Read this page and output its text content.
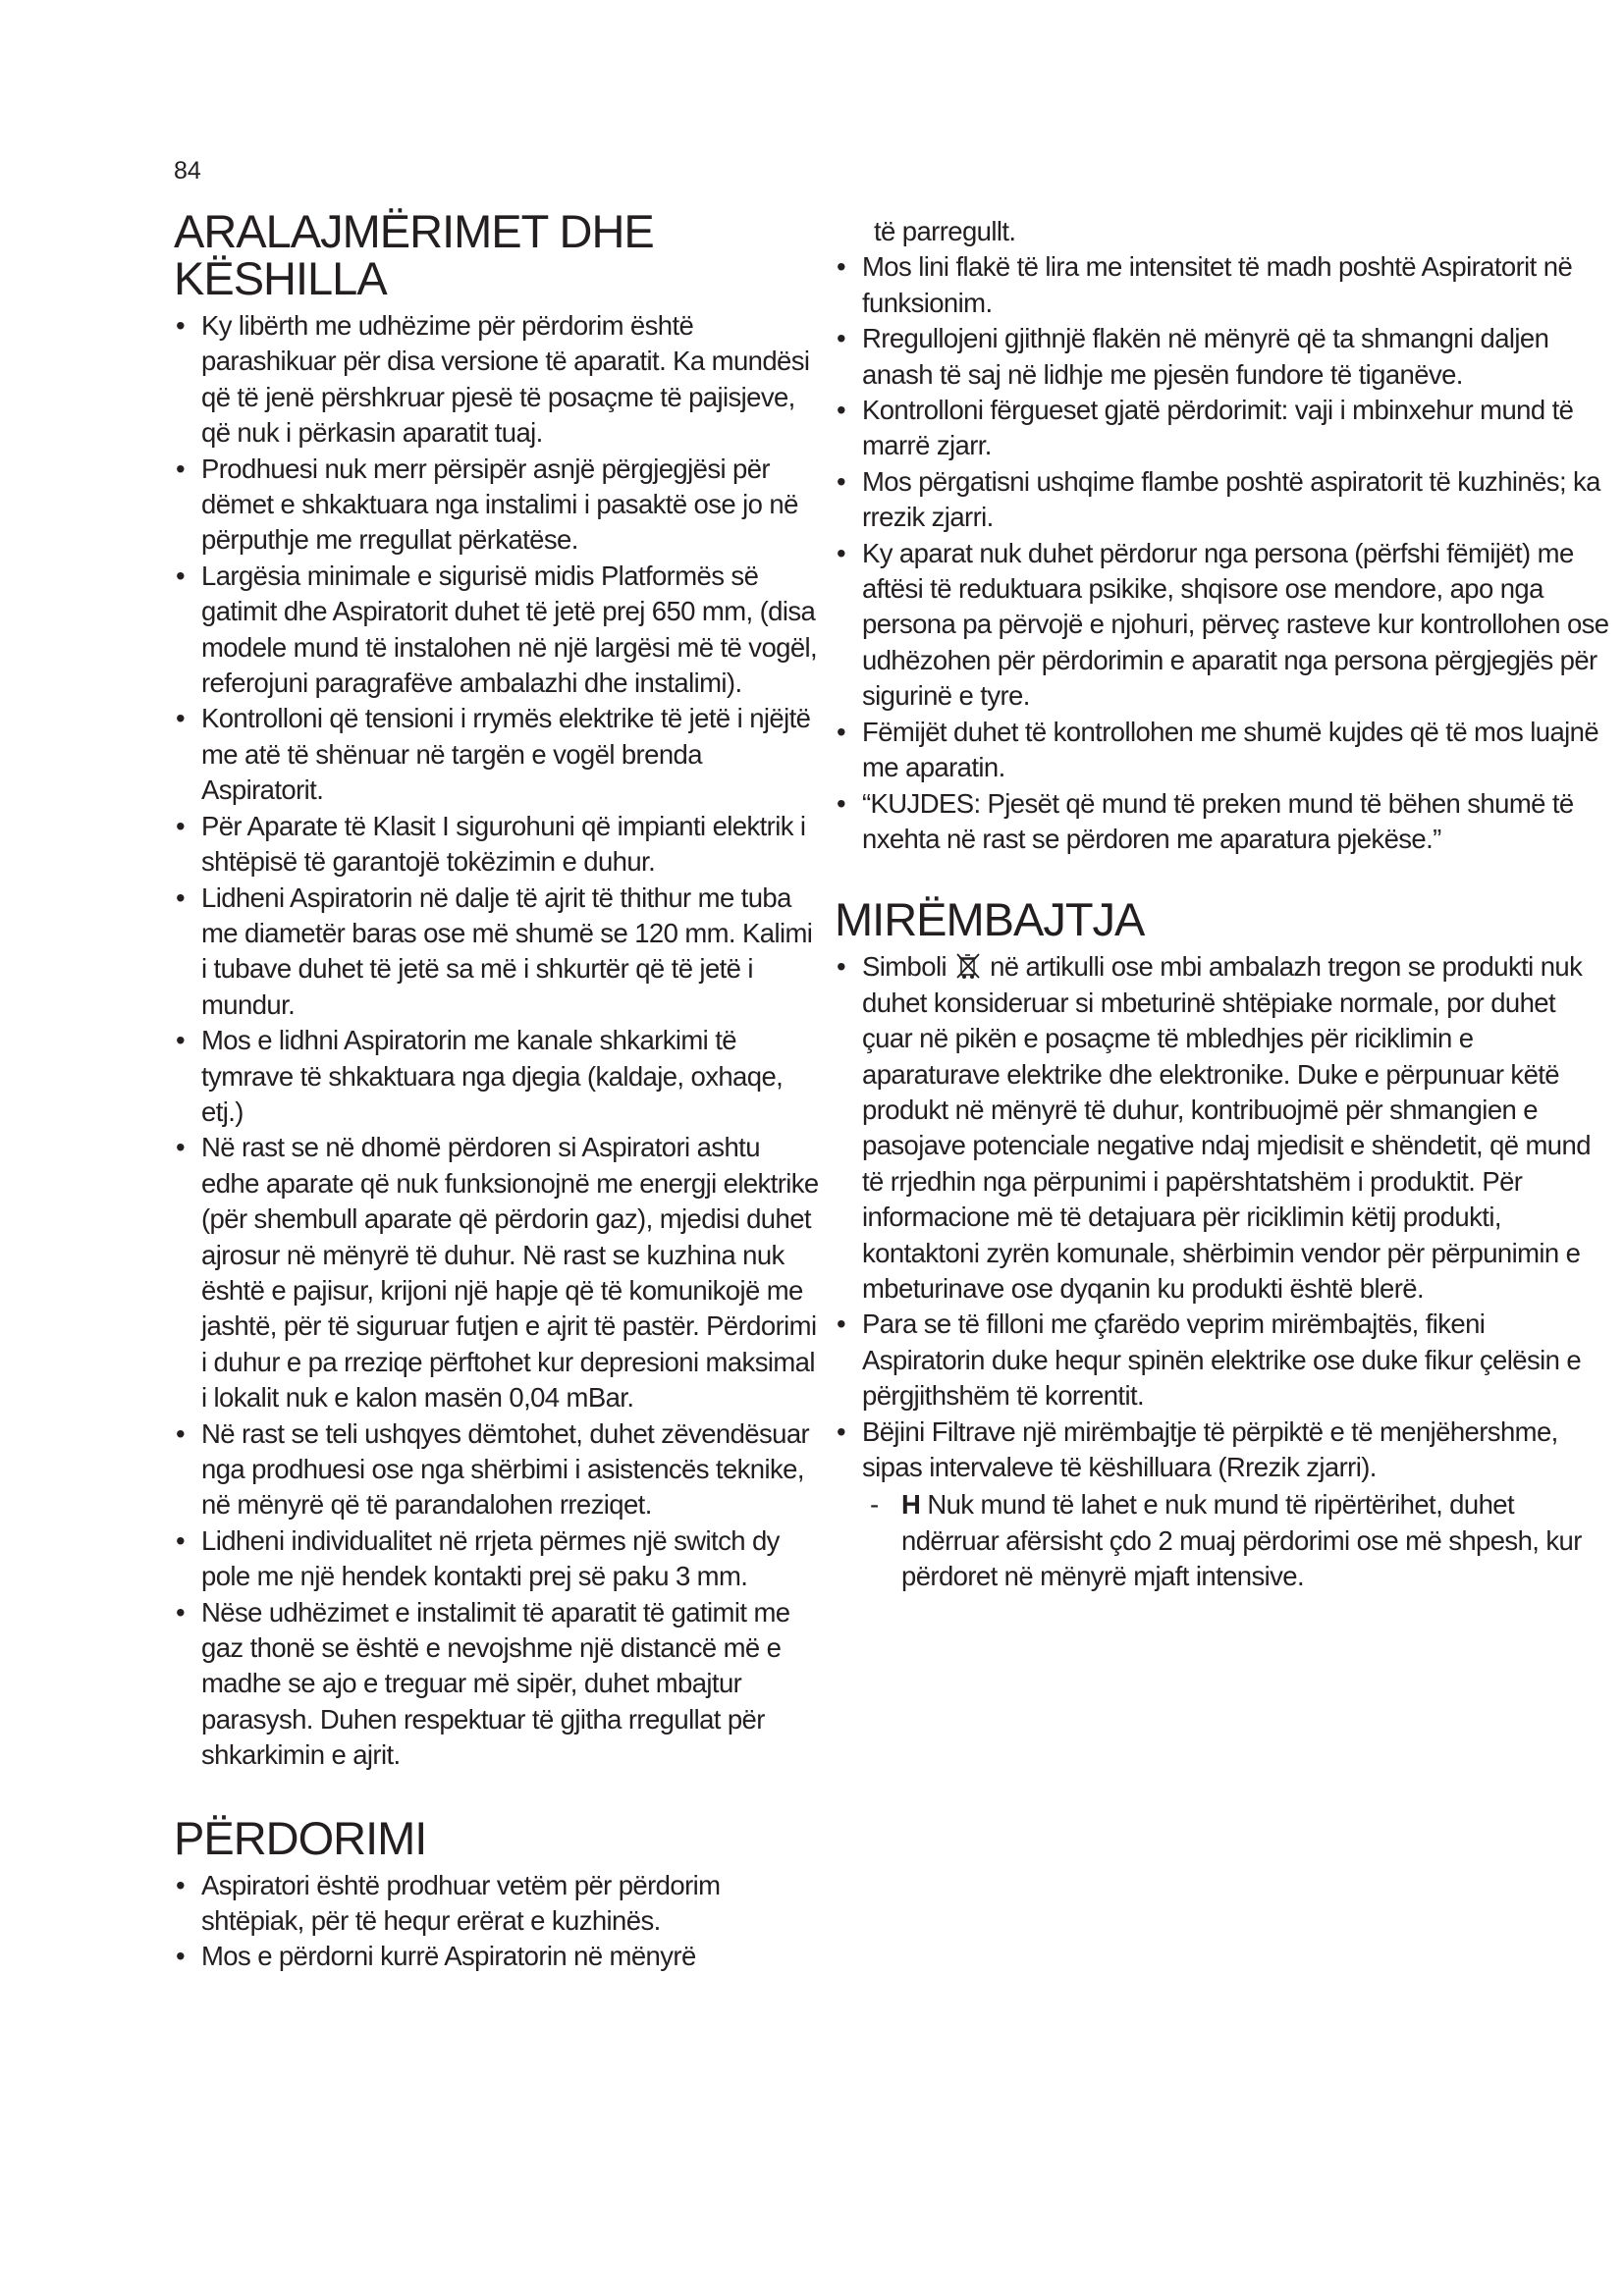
84
ARALAJMËRIMET DHE KËSHILLA
• Ky libërth me udhëzime për përdorim është parashikuar për disa versione të aparatit. Ka mundësi që të jenë përshkruar pjesë të posaçme të pajisjeve, që nuk i përkasin aparatit tuaj.
• Prodhuesi nuk merr përsipër asnjë përgjegjësi për dëmet e shkaktuara nga instalimi i pasaktë ose jo në përputhje me rregullat përkatëse.
• Largësia minimale e sigurisë midis Platformës së gatimit dhe Aspiratorit duhet të jetë prej 650 mm, (disa modele mund të instalohen në një largësi më të vogël, referojuni paragrafëve ambalazhi dhe instalimi).
• Kontrolloni që tensioni i rrymës elektrike të jetë i njëjtë me atë të shënuar në targën e vogël brenda Aspiratorit.
• Për Aparate të Klasit I sigurohuni që impianti elektrik i shtëpisë të garantojë tokëzimin e duhur.
• Lidheni Aspiratorin në dalje të ajrit të thithur me tuba me diametër baras ose më shumë se 120 mm. Kalimi i tubave duhet të jetë sa më i shkurtër që të jetë i mundur.
• Mos e lidhni Aspiratorin me kanale shkarkimi të tymrave të shkaktuara nga djegia (kaldaje, oxhaqe, etj.)
• Në rast se në dhomë përdoren si Aspiratori ashtu edhe aparate që nuk funksionojnë me energji elektrike (për shembull aparate që përdorin gaz), mjedisi duhet ajrosur në mënyrë të duhur. Në rast se kuzhina nuk është e pajisur, krijoni një hapje që të komunikojë me jashtë, për të siguruar futjen e ajrit të pastër. Përdorimi i duhur e pa rreziqe përftohet kur depresioni maksimal i lokalit nuk e kalon masën 0,04 mBar.
• Në rast se teli ushqyes dëmtohet, duhet zëvendësuar nga prodhuesi ose nga shërbimi i asistencës teknike, në mënyrë që të parandalohen rreziqet.
• Lidheni individualitet në rrjeta përmes një switch dy pole me një hendek kontakti prej së paku 3 mm.
• Nëse udhëzimet e instalimit të aparatit të gatimit me gaz thonë se është e nevojshme një distancë më e madhe se ajo e treguar më sipër, duhet mbajtur parasysh. Duhen respektuar të gjitha rregullat për shkarkimin e ajrit.
PËRDORIMI
• Aspiratori është prodhuar vetëm për përdorim shtëpiak, për të hequr erërat e kuzhinës.
• Mos e përdorni kurrë Aspiratorin në mënyrë
të parregullt.
• Mos lini flakë të lira me intensitet të madh poshtë Aspiratorit në funksionim.
• Rregullojeni gjithnjë flakën në mënyrë që ta shmangni daljen anash të saj në lidhje me pjesën fundore të tiganëve.
• Kontrolloni fërgueset gjatë përdorimit: vaji i mbinxehur mund të marrë zjarr.
• Mos përgatisni ushqime flambe poshtë aspiratorit të kuzhinës; ka rrezik zjarri.
• Ky aparat nuk duhet përdorur nga persona (përfshi fëmijët) me aftësi të reduktuara psikike, shqisore ose mendore, apo nga persona pa përvojë e njohuri, përveç rasteve kur kontrollohen ose udhëzohen për përdorimin e aparatit nga persona përgjegjës për sigurinë e tyre.
• Fëmijët duhet të kontrollohen me shumë kujdes që të mos luajnë me aparatin.
• “KUJDES: Pjesët që mund të preken mund të bëhen shumë të nxehta në rast se përdoren me aparatura pjekëse.”
MIRËMBAJTJA
• Simboli në artikulli ose mbi ambalazh tregon se produkti nuk duhet konsideruar si mbeturinë shtëpiake normale, por duhet çuar në pikën e posaçme të mbledhjes për riciklimin e aparaturave elektrike dhe elektronike. Duke e përpunuar këtë produkt në mënyrë të duhur, kontribuojmë për shmangien e pasojave potenciale negative ndaj mjedisit e shëndetit, që mund të rrjedhin nga përpunimi i papërshtatshëm i produktit. Për informacione më të detajuara për riciklimin këtij produkti, kontaktoni zyrën komunale, shërbimin vendor për përpunimin e mbeturinave ose dyqanin ku produkti është blerë.
• Para se të filloni me çfarëdo veprim mirëmbajtës, fikeni Aspiratorin duke hequr spinën elektrike ose duke fikur çelësin e përgjithshëm të korrentit.
• Bëjini Filtrave një mirëmbajtje të përpiktë e të menjëhershme, sipas intervaleve të këshilluara (Rrezik zjarri).
- H Nuk mund të lahet e nuk mund të ripërtërihet, duhet ndërruar afërsisht çdo 2 muaj përdorimi ose më shpesh, kur përdoret në mënyrë mjaft intensive.
